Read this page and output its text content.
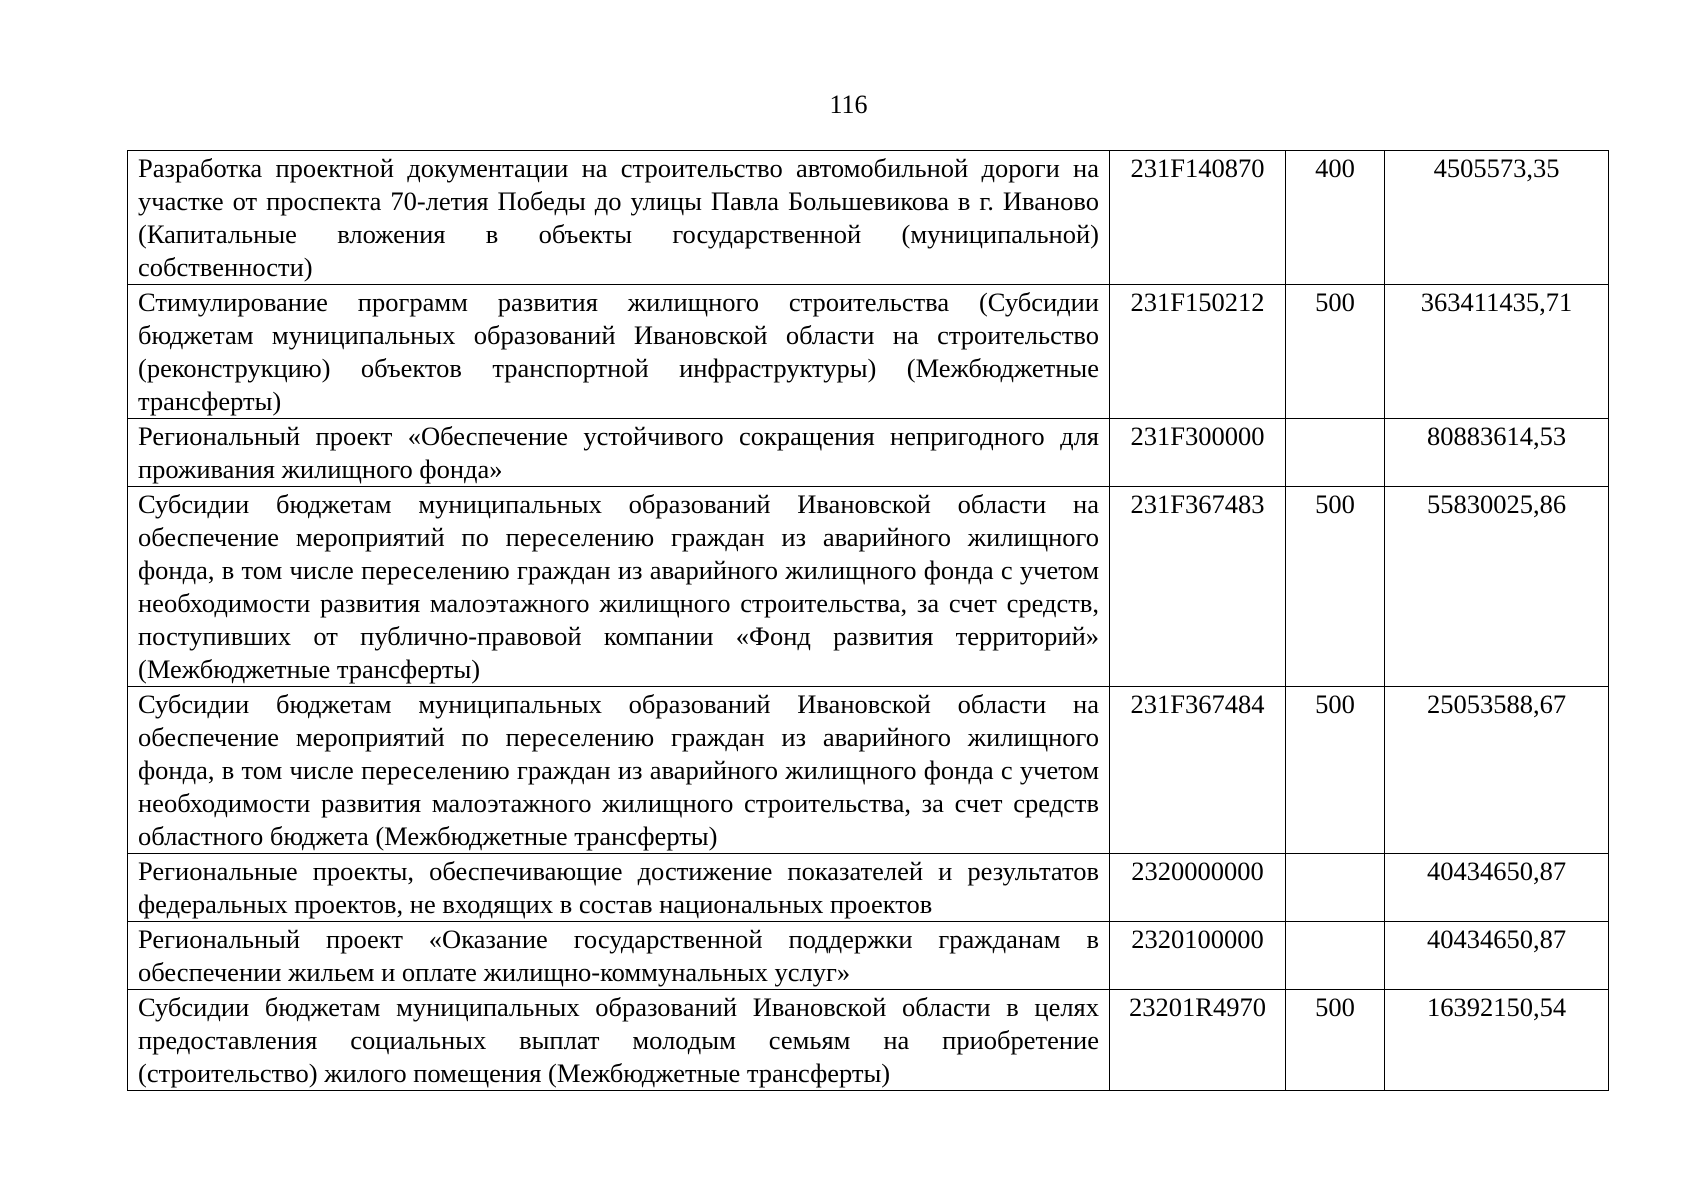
116
Разработка проектной документации на строительство автомобильной дороги на участке от проспекта 70-летия Победы до улицы Павла Большевикова в г. Иваново (Капитальные вложения в объекты государственной (муниципальной) собственности)	231F140870	400	4505573,35
Стимулирование программ развития жилищного строительства (Субсидии бюджетам муниципальных образований Ивановской области на строительство (реконструкцию) объектов транспортной инфраструктуры) (Межбюджетные трансферты)	231F150212	500	363411435,71
Региональный проект «Обеспечение устойчивого сокращения непригодного для проживания жилищного фонда»	231F300000		80883614,53
Субсидии бюджетам муниципальных образований Ивановской области на обеспечение мероприятий по переселению граждан из аварийного жилищного фонда, в том числе переселению граждан из аварийного жилищного фонда с учетом необходимости развития малоэтажного жилищного строительства, за счет средств, поступивших от публично-правовой компании «Фонд развития территорий» (Межбюджетные трансферты)	231F367483	500	55830025,86
Субсидии бюджетам муниципальных образований Ивановской области на обеспечение мероприятий по переселению граждан из аварийного жилищного фонда, в том числе переселению граждан из аварийного жилищного фонда с учетом необходимости развития малоэтажного жилищного строительства, за счет средств областного бюджета (Межбюджетные трансферты)	231F367484	500	25053588,67
Региональные проекты, обеспечивающие достижение показателей и результатов федеральных проектов, не входящих в состав национальных проектов	2320000000		40434650,87
Региональный проект «Оказание государственной поддержки гражданам в обеспечении жильем и оплате жилищно-коммунальных услуг»	2320100000		40434650,87
Субсидии бюджетам муниципальных образований Ивановской области в целях предоставления социальных выплат молодым семьям на приобретение (строительство) жилого помещения (Межбюджетные трансферты)	23201R4970	500	16392150,54
